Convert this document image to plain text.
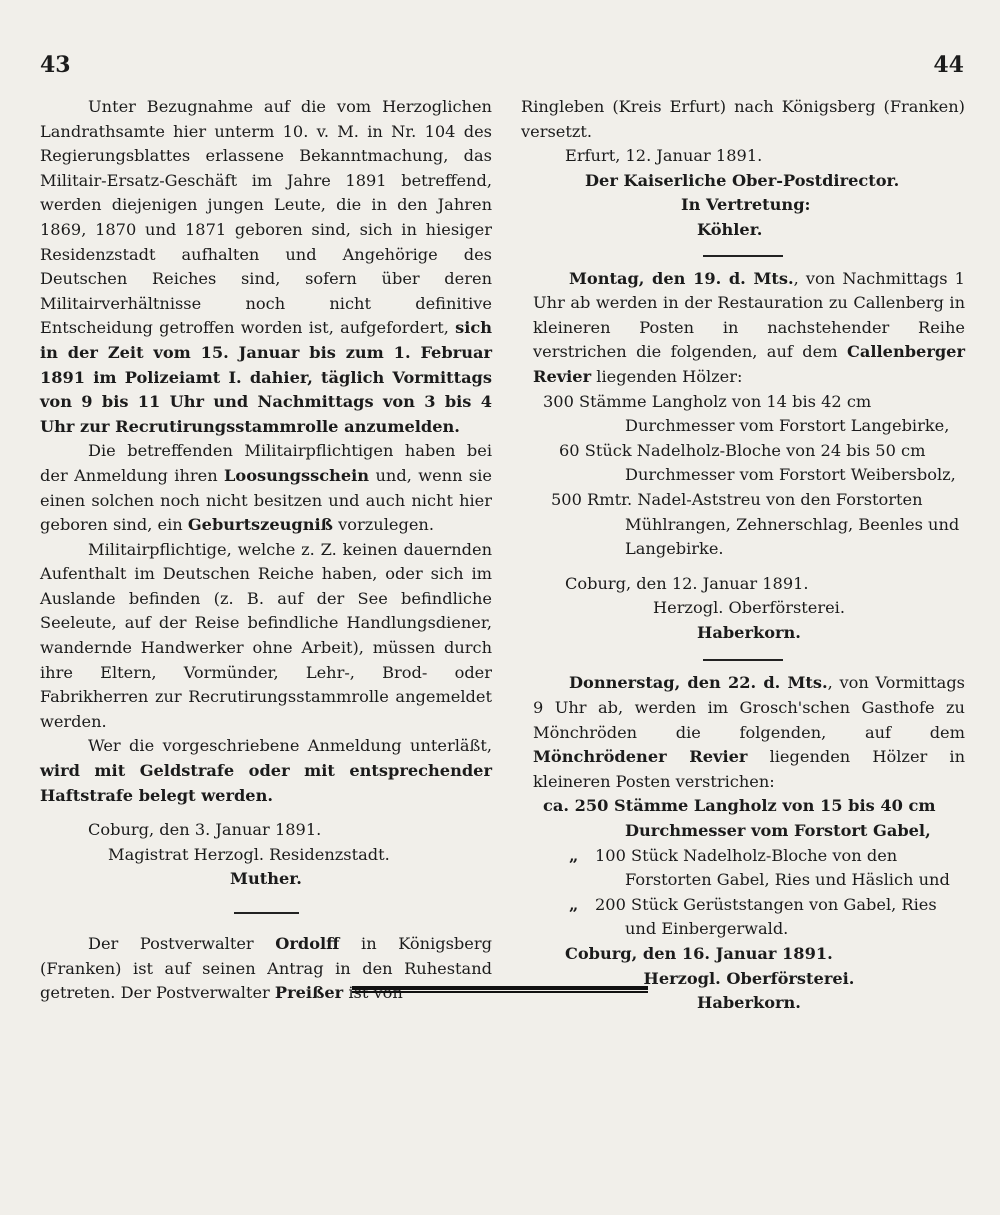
43	44

Unter Bezugnahme auf die vom Herzoglichen Landrathsamte hier unterm 10. v. M. in Nr. 104 des Regierungsblattes erlassene Bekanntmachung, das Militair-Ersatz-Geschäft im Jahre 1891 betreffend, werden diejenigen jungen Leute, die in den Jahren 1869, 1870 und 1871 geboren sind, sich in hiesiger Residenzstadt aufhalten und Angehörige des Deutschen Reiches sind, sofern über deren Militairverhältnisse noch nicht definitive Entscheidung getroffen worden ist, aufgefordert, sich in der Zeit vom 15. Januar bis zum 1. Februar 1891 im Polizeiamt I. dahier, täglich Vormittags von 9 bis 11 Uhr und Nachmittags von 3 bis 4 Uhr zur Recrutirungsstammrolle anzumelden.

Die betreffenden Militairpflichtigen haben bei der Anmeldung ihren Loosungsschein und, wenn sie einen solchen noch nicht besitzen und auch nicht hier geboren sind, ein Geburtszeugniß vorzulegen.

Militairpflichtige, welche z. Z. keinen dauernden Aufenthalt im Deutschen Reiche haben, oder sich im Auslande befinden (z. B. auf der See befindliche Seeleute, auf der Reise befindliche Handlungsdiener, wandernde Handwerker ohne Arbeit), müssen durch ihre Eltern, Vormünder, Lehr-, Brod- oder Fabrikherren zur Recrutirungsstammrolle angemeldet werden.

Wer die vorgeschriebene Anmeldung unterläßt, wird mit Geldstrafe oder mit entsprechender Haftstrafe belegt werden.

Coburg, den 3. Januar 1891.

Magistrat Herzogl. Residenzstadt.

Muther.

Der Postverwalter Ordolff in Königsberg (Franken) ist auf seinen Antrag in den Ruhestand getreten. Der Postverwalter Preißer ist von

Ringleben (Kreis Erfurt) nach Königsberg (Franken) versetzt.

Erfurt, 12. Januar 1891.

Der Kaiserliche Ober-Postdirector.

In Vertretung:

Köhler.

Montag, den 19. d. Mts., von Nachmittags 1 Uhr ab werden in der Restauration zu Callenberg in kleineren Posten in nachstehender Reihe verstrichen die folgenden, auf dem Callenberger Revier liegenden Hölzer:

300 Stämme Langholz von 14 bis 42 cm Durchmesser vom Forstort Langebirke,

60 Stück Nadelholz-Bloche von 24 bis 50 cm Durchmesser vom Forstort Weibersbolz,

500 Rmtr. Nadel-Aststreu von den Forstorten Mühlrangen, Zehnerschlag, Beenles und Langebirke.

Coburg, den 12. Januar 1891.

Herzogl. Oberförsterei.

Haberkorn.

Donnerstag, den 22. d. Mts., von Vormittags 9 Uhr ab, werden im Grosch'schen Gasthofe zu Mönchröden die folgenden, auf dem Mönchrödener Revier liegenden Hölzer in kleineren Posten verstrichen:

ca. 250 Stämme Langholz von 15 bis 40 cm Durchmesser vom Forstort Gabel,

„ 100 Stück Nadelholz-Bloche von den Forstorten Gabel, Ries und Häslich und

„ 200 Stück Gerüststangen von Gabel, Ries und Einbergerwald.

Coburg, den 16. Januar 1891.

Herzogl. Oberförsterei.

Haberkorn.
